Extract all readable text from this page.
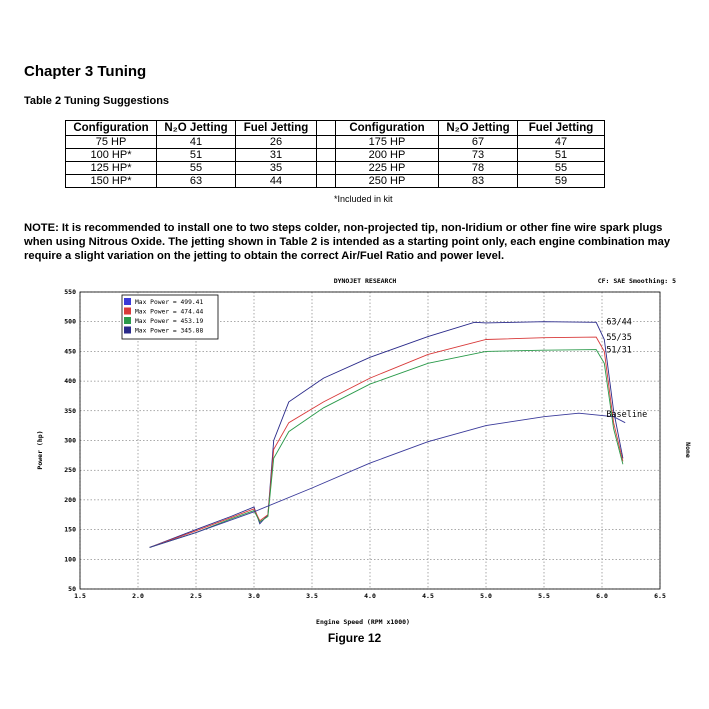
Chapter 3 Tuning
Table 2 Tuning Suggestions
Configuration	N₂O Jetting	Fuel Jetting		Configuration	N₂O Jetting	Fuel Jetting
75 HP	41	26		175 HP	67	47
100 HP*	51	31		200 HP	73	51
125 HP*	55	35		225 HP	78	55
150 HP*	63	44		250 HP	83	59
*Included in kit
NOTE: It is recommended to install one to two steps colder, non-projected tip, non-Iridium or other fine wire spark plugs when using Nitrous Oxide. The jetting shown in Table 2 is intended as a starting point only, each engine combination may require a slight variation on the jetting to obtain the correct Air/Fuel Ratio and power level.
DYNOJET RESEARCH	CF: SAE Smoothing: 5
1.5	2.0	2.5	3.0	3.5	4.0	4.5	5.0	5.5	6.0	6.5
50
100
150
200
250
300
350
400
450
500
550
63/44
55/35
51/31
Baseline
Max Power = 499.41
Max Power = 474.44
Max Power = 453.19
Max Power = 345.88
Engine Speed (RPM x1000)
Power (hp)	None
Figure 12
